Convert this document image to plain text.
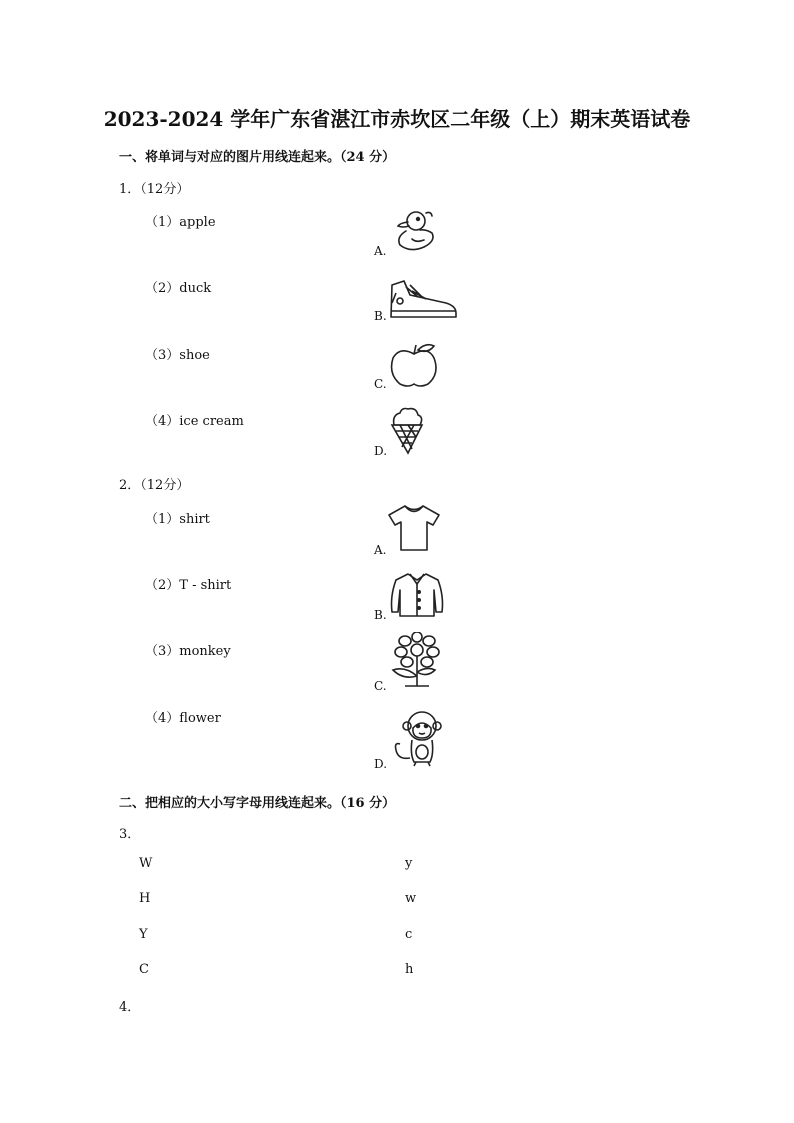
2023-2024 学年广东省湛江市赤坎区二年级（上）期末英语试卷
一、将单词与对应的图片用线连起来。（24 分）
1．（12分）
（1）apple
（2）duck
（3）shoe
（4）ice cream
A.
B.
C.
D.
2．（12分）
（1）shirt
（2）T - shirt
（3）monkey
（4）flower
A.
B.
C.
D.
二、把相应的大小写字母用线连起来。（16 分）
3．
W
H
Y
C
y
w
c
h
4．
